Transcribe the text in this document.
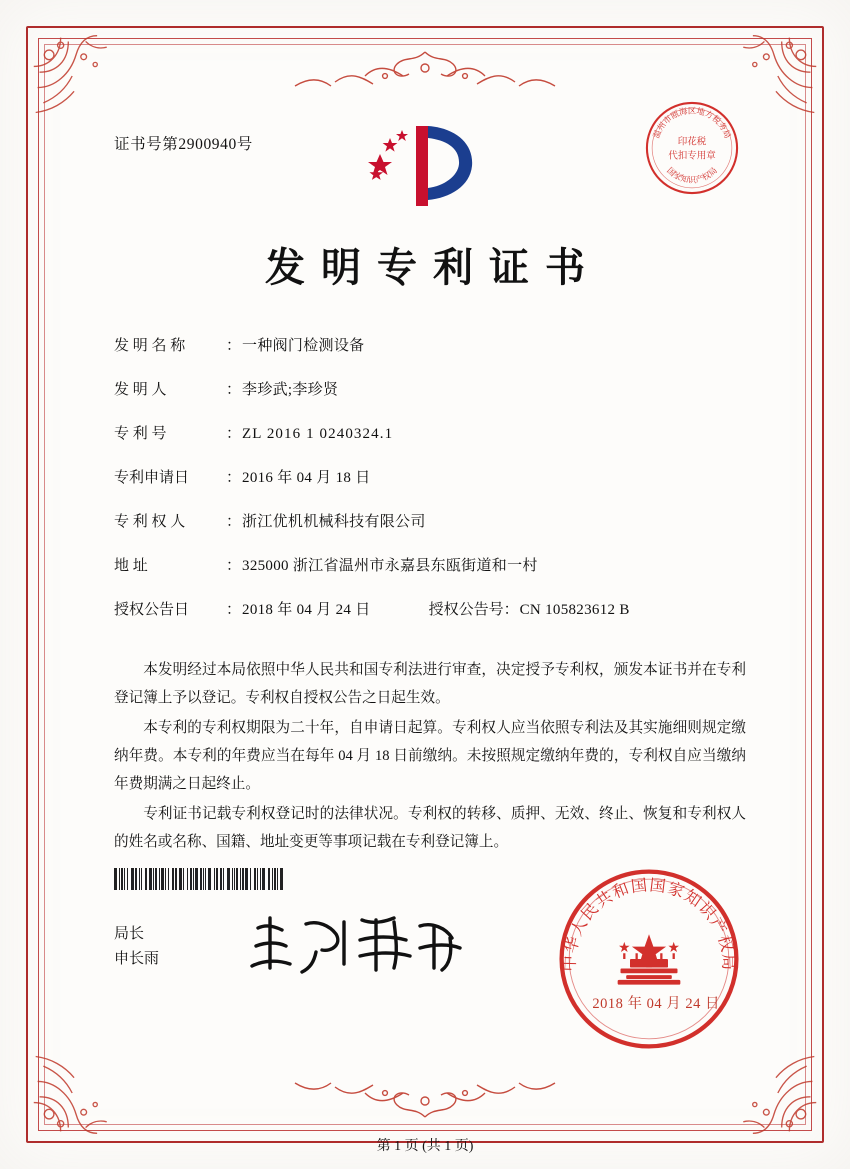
证书号第2900940号
温州市瓯海区地方税务局
国家知识产权局
印花税
代扣专用章
发明专利证书
发 明 名 称	： 一种阀门检测设备
发 明 人	： 李珍武;李珍贤
专 利 号	： ZL 2016 1 0240324.1
专利申请日	： 2016 年 04 月 18 日
专 利 权 人	： 浙江优机机械科技有限公司
地 址	： 325000 浙江省温州市永嘉县东瓯街道和一村
授权公告日	： 2018 年 04 月 24 日	授权公告号 ： CN 105823612 B

本发明经过本局依照中华人民共和国专利法进行审查，决定授予专利权，颁发本证书并在专利登记簿上予以登记。专利权自授权公告之日起生效。

本专利的专利权期限为二十年，自申请日起算。专利权人应当依照专利法及其实施细则规定缴纳年费。本专利的年费应当在每年 04 月 18 日前缴纳。未按照规定缴纳年费的，专利权自应当缴纳年费期满之日起终止。

专利证书记载专利权登记时的法律状况。专利权的转移、质押、无效、终止、恢复和专利权人的姓名或名称、国籍、地址变更等事项记载在专利登记簿上。

局长
申长雨	中华人民共和国国家知识产权局
2018 年 04 月 24 日
第 1 页 (共 1 页)
